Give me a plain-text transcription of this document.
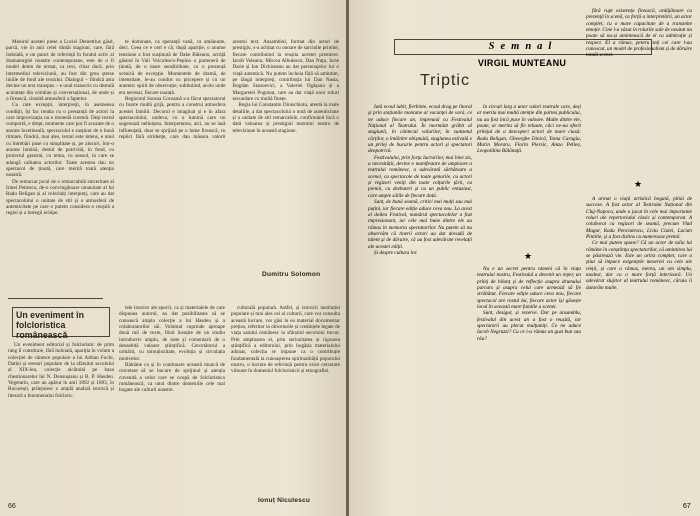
Menirul acestei piese a Luciei Demetrius găsit, parcă, vie în anii celei dintâi stagiuni, care, fără îndoială, e un punct de referință în fondul activ al dramaturgiei noastre contemporane, este de o fi model demn de urmat, ca text, chiar dacă, prin intermediul televiziunii, au fost din greu șterse liniile de fond ale textului. Dialogul – fiindcă asta devine un text transpus – e unul transcris cu destulă acuratețe din cotidian și conversațional, de unde și o firească, cinstită atmosferă a faptelor.

Cu rare excepții, interpreții, în asemenea condiții, își fac treaba cu o prestanță de actori la care improvizația nu e monedă curentă. Deși textul comportă, e drept, momente care pot fi acuzate de o anume încetineală, spectacolul e susținut de o bună ritmare, fiindcă, mai ales, textul este intens, e unul cu întrebări puse cu simplitate și, pe alocuri, într-o anume lumină, destul de potrivită, în fond, cu proiectul general, cu tema, cu sensul, la care se adaugă calitatea actorilor. Toate acestea dau un spectacol de ținută, care merită toată atenția noastră.

De remarcat jocul de o remarcabilă sinceritate al Irinei Petrescu, de-o convingătoare umanitate al lui Radu Beligan și al celorlalți interpreți, care au dat spectacolului o unitate de stil și o atmosferă de autenticitate pe care o putem considera o reușită a regiei și a întregii echipe.

te dominate, ca speranță vană, ca amănunte, deci. Ceea ce e cert e că, după apariție, o anume tensiune a fost susținută de Dake Băleanu, actriță găsind în Vali Voiculescu-Pepino o parteneră de ținută, de o mare sensibilitate, cu o prezență scenică de excepție. Momentele de dramă, de intensitate, le-au condus cu pricepere și cu un autentic spirit de observație, subliniind, acolo unde era necesar, fiecare nuanță.

Regizorul Sorana Coroamă s-a făcut spectatorul cu foarte multă grijă, pentru a construi atmosfera acestei familii. Decorul e imaginat și e în afara spectacolului, undeva, cu o lumină care nu sugerează neliniștea. Interpretarea, aici, nu se lasă influențată, doar se sprijină pe o lume firească, cu replici fără stridențe, care dau măsura valorii acestui text. Ansamblul, format din actori de prestigiu, s-a achitat cu onoare de sarcinile primite, fiecare contribuind la reușita acestei premiere. Iacob Veleanu, Mircea Albulescu, Dan Nuțu, Iurie Darie și Ion Dichiseanu au dat personajelor lor o viață autentică. Nu putem încheia fără să amintim, pe lângă interpreți, contribuția lui Dan Nasta, Bogdan Stanoevici, a Valeriei Ogășanu și a Margaretei Pogonat, care au dat viață unor roluri secundare cu multă finețe.

Regia lui Constantin Dinischiotu, atentă la toate detaliile, a dat spectacolului o notă de autenticitate și o unitate de stil remarcabile, confirmând încă o dată valoarea și prestigiul teatrului nostru de televiziune în această stagiune.

Dumitru Solomon
Un eveniment în folcloristica românească

Un eveniment editorial și folcloristic de prim rang îl constituie, fără îndoială, apariția în volum a colecției de cântece populare a lui Adrian Fochi, Datini și eresuri populare de la sfârșitul secolului al XIX-lea, colecție alcătuită pe baza chestionarelor lui N. Densușianu și B. P. Hasdeu. Vegetariu, care au apărut în anii 1892 și 1893, în București, prilejuiesc o amplă analiză istorică și literară a fenomenului folcloric.

tele istorice ale epocii, ca și materialele de care dispunea autorul, au dat posibilitatea să se cunoască ampla colecție a lui Hasdeu și a colaboratorilor săi. Volumul cuprinde aproape două mii de texte, fiind însoțite de un studiu introductiv amplu, de note și comentarii de o deosebită valoare științifică. Cercetătorul a urmărit, cu minuțiozitate, evoluția și circulația motivelor.

Rămâne ca și în continuare această muncă de cercetare să se bucure de sprijinul și atenția cuvenită a celor care se ocupă de folcloristica românească, ca unul dintre domeniile cele mai bogate ale culturii noastre.

culturală populară. Astfel, și istoricii instituției populare și mai ales cei ai culturii, care vor consulta această lucrare, vor găsi în ea material documentar prețios, referitor la obiceiurile și credințele legate de viața satului românesc la sfârșitul secolului trecut. Prin amploarea ei, prin seriozitatea și rigoarea științifică a editorului, prin bogăția materialului adunat, colecția se impune ca o contribuție fundamentală la cunoașterea spiritualității poporului nostru, o lucrare de referință pentru orice cercetare viitoare în domeniul folcloristicii și etnografiei.

Ionuț Niculescu
66
Semnal
VIRGIL MUNTEANU
Triptic

Iată ecoul iubit, fierbinte, ecoul drag pe litoral și prin stațiunile montane al vacanței de vară, ce ne aduce fiecare an, împreună cu Festivalul Național al Teatrului. În mormânt grăbit al stagiunii, în cântecul valurilor, în zumzetul cărților, o întâlnire obișnuită, stagiunea estivală e un prilej de bucurie pentru actori și spectatori deopotrivă.

Festivalului, prin forța lucrurilor, mai bine zis, a necesității, devine o manifestare de amploare a teatrului românesc, o adevărată sărbătoare a scenei, cu spectacole de toate genurile, cu actori și regizori veniți din toate colțurile țării, cu premii, cu dezbateri și cu un public entuziast, care umple sălile de fiecare dată.

Sunt, de bună seamă, critici mai mulți sau mai puțini, iar fiecare ediție aduce ceva nou. La acest al doilea Festival, numărul spectacolelor a fost impresionant, iar cele mai bune dintre ele au rămas în memoria spectatorilor. Nu putem să nu observăm că tinerii actori au dat dovadă de talent și de dăruire, că au fost adevărate revelații ale acestei ediții.

Și despre cultura lor.

în circuit larg a unor valori teatrale care, deși ar merita mai multă atenție din partea publicului, nu au fost încă puse în valoare. Multe dintre ele, poate, ar merita să fie reluate, căci ne-au oferit prilejul de a descoperi actori de mare clasă: Radu Beligan, Gheorghe Dinică, Toma Caragiu, Marin Moraru, Florin Piersic, Amza Pellea, Leopoldina Bălănuță.

★

Nu e un secret pentru nimeni că în viața teatrului nostru, Festivalul a devenit un reper, un prilej de bilanț și de reflecție asupra drumului parcurs și asupra celui care urmează să fie străbătut. Fiecare ediție aduce ceva nou, fiecare spectacol are rostul lui, fiecare actor își găsește locul în această mare familie a scenei.

Sunt, desigur, și rezerve. Dar pe ansamblu, festivalul din acest an a fost o reușită, iar spectatorii au plecat mulțumiți. Ce ne aduce Iacob Negruzzi? Cu ce i-a rămas un gust bun sau rău?

fără rupt existența firească, ardăjătoare ca prezență în scenă, ca forță a interpretării, un actor complet, cu o mare capacitate de a transmite emoție. Cine l-a văzut în rolurile sale de neuitat nu poate să nu-și amintească de el cu admirație și respect. El a rămas, pentru toți cei care l-au cunoscut, un model de profesionalism și de dăruire totală scenei.

★

A urmat o viață artistică bogată, plină de succese. A fost actor al Teatrului Național din Cluj-Napoca, unde a jucat în cele mai importante roluri ale repertoriului clasic și contemporan. A colaborat cu regizori de seamă, precum Vlad Mugur, Radu Penciulescu, Liviu Ciulei, Lucian Pintilie, și a fost distins cu numeroase premii.

Ce mai putem spune? Că un actor de talia lui rămâne în conștiința spectatorilor, că amintirea lui se păstrează vie. Este un artist complet, care a știut să împace exigențele meseriei cu cele ale vieții, și care a rămas, mereu, un om simplu, modest, dar cu o mare forță interioară. Un adevărat slujitor al teatrului românesc, căruia îi datorăm multe.

67
